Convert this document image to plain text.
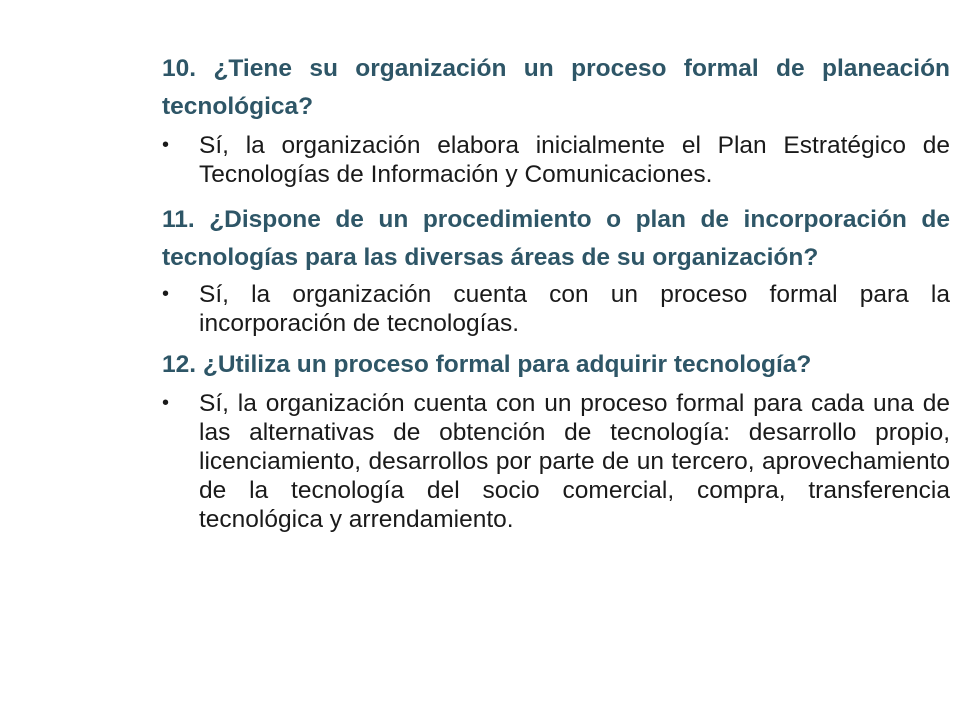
10. ¿Tiene su organización un proceso formal de planeación tecnológica?

• Sí, la organización elabora inicialmente el Plan Estratégico de Tecnologías de Información y Comunicaciones.

11. ¿Dispone de un procedimiento o plan de incorporación de tecnologías para las diversas áreas de su organización?

• Sí, la organización cuenta con un proceso formal para la incorporación de tecnologías.

12. ¿Utiliza un proceso formal para adquirir tecnología?

• Sí, la organización cuenta con un proceso formal para cada una de las alternativas de obtención de tecnología: desarrollo propio, licenciamiento, desarrollos por parte de un tercero, aprovechamiento de la tecnología del socio comercial, compra, transferencia tecnológica y arrendamiento.
